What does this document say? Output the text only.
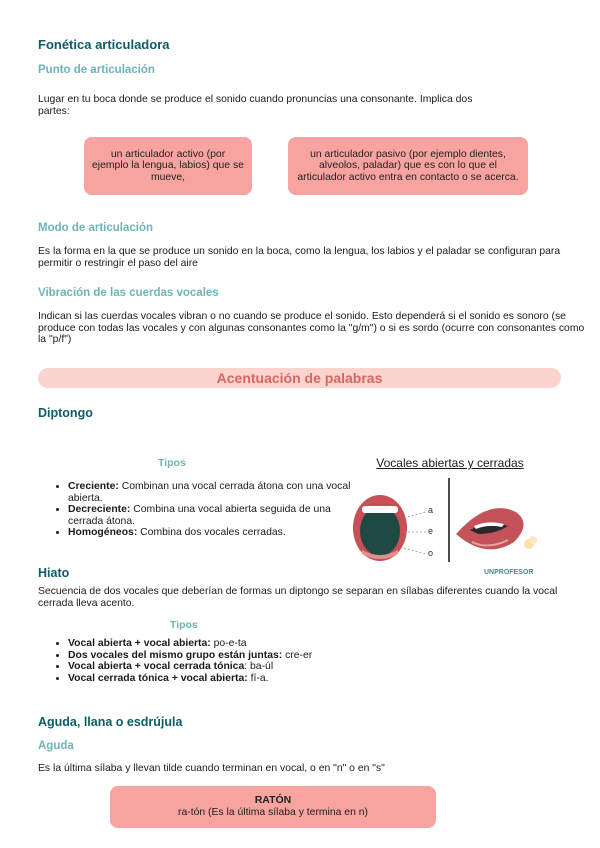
Fonética articuladora
Punto de articulación
Lugar en tu boca donde se produce el sonido cuando pronuncias una consonante. Implica dos partes:
un articulador activo (por ejemplo la lengua, labios) que se mueve,
un articulador pasivo (por ejemplo dientes, alveolos, paladar) que es con lo que el articulador activo entra en contacto o se acerca.
Modo de articulación
Es la forma en la que se produce un sonido en la boca, como la lengua, los labios y el paladar se configuran para permitir o restringir el paso del aire
Vibración de las cuerdas vocales
Indican si las cuerdas vocales vibran o no cuando se produce el sonido. Esto dependerá si el sonido es sonoro (se produce con todas las vocales y con algunas consonantes como la "g/m") o si es sordo (ocurre con consonantes como la "p/f")
Acentuación de palabras
Diptongo
Tipos
• Creciente: Combinan una vocal cerrada átona con una vocal abierta.
• Decreciente: Combina una vocal abierta seguida de una cerrada átona.
• Homogéneos: Combina dos vocales cerradas.
Vocales abiertas y cerradas
a
e
o
UNPROFESOR
Hiato
Secuencia de dos vocales que deberían de formas un diptongo se separan en sílabas diferentes cuando la vocal cerrada lleva acento.
Tipos
• Vocal abierta + vocal abierta: po-e-ta
• Dos vocales del mismo grupo están juntas: cre-er
• Vocal abierta + vocal cerrada tónica: ba-úl
• Vocal cerrada tónica + vocal abierta: fí-a.
Aguda, llana o esdrújula
Aguda
Es la última sílaba y llevan tilde cuando terminan en vocal, o en "n" o en "s"
RATÓN
ra-tón (Es la última sílaba y termina en n)
